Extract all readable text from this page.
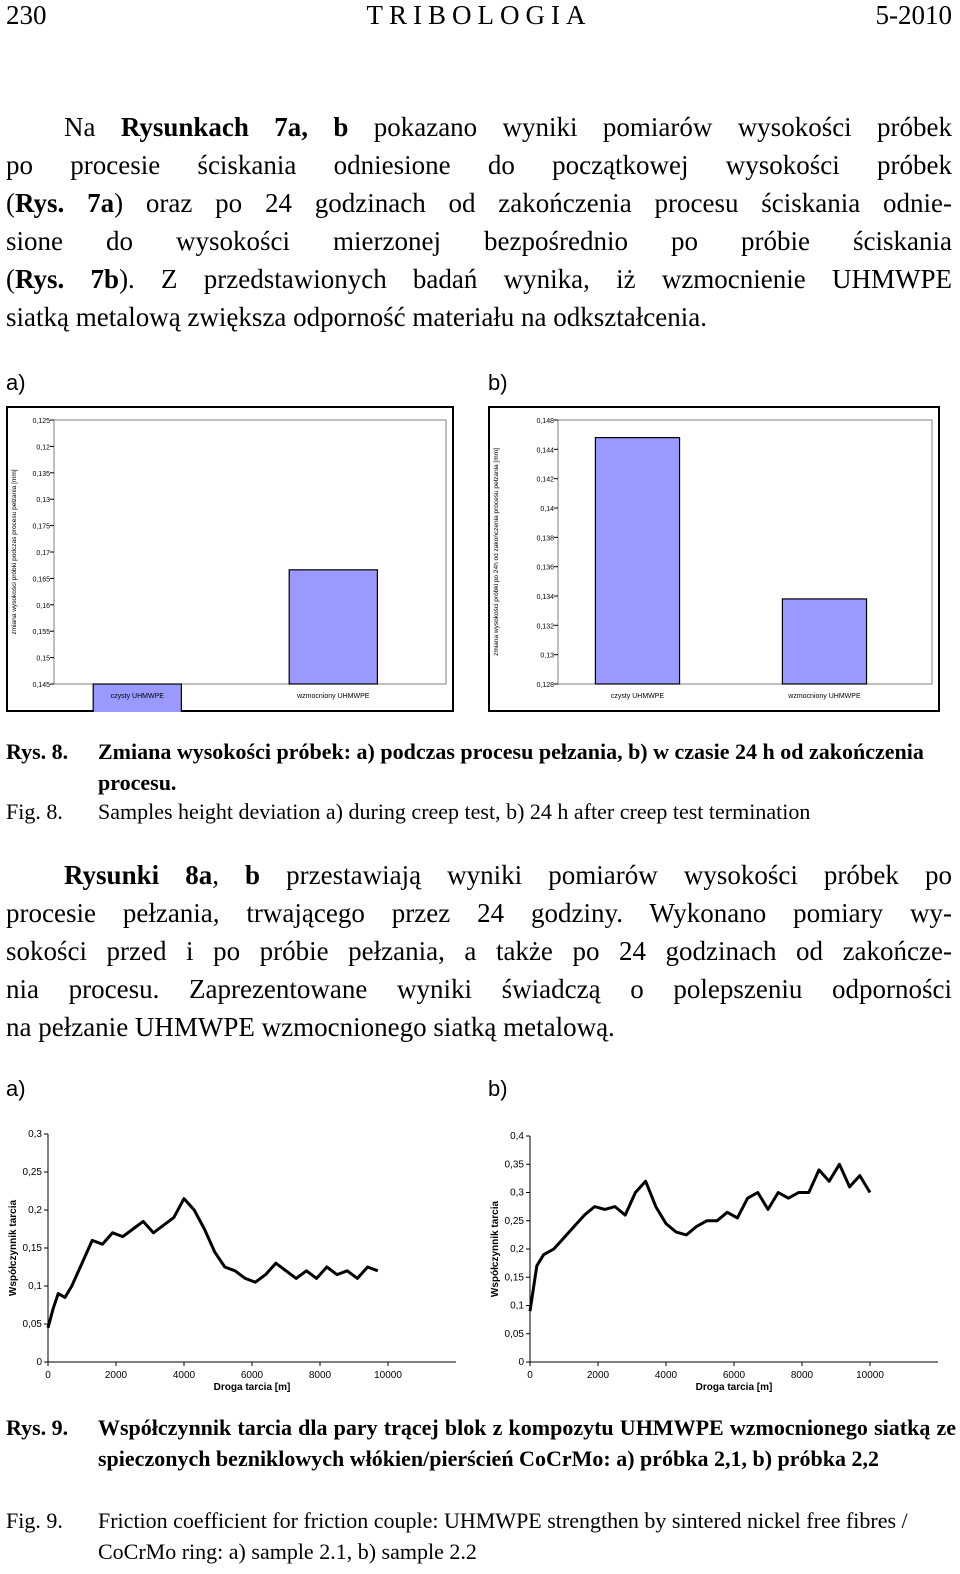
230	TRIBOLOGIA	5-2010
Na Rysunkach 7a, b pokazano wyniki pomiarów wysokości próbek
po procesie ściskania odniesione do początkowej wysokości próbek
(Rys. 7a) oraz po 24 godzinach od zakończenia procesu ściskania odnie-
sione do wysokości mierzonej bezpośrednio po próbie ściskania
(Rys. 7b). Z przedstawionych badań wynika, iż wzmocnienie UHMWPE
siatką metalową zwiększa odporność materiału na odkształcenia.
a)	b)
0,125
0,12
0,135
0,13
0,175
0,17
0,165
0,16
0,155
0,15
0,145
czysty UHMWPE	wzmocniony UHMWPE
zmiana wysokości próbki podczas procesu pełzania [mm]
0,148
0,144
0,142
0,14
0,138
0,136
0,134
0,132
0,13
0,128
czysty UHMWPE	wzmocniony UHMWPE
zmiana wysokości próbki po 24h od zakończenia procesu pełzania [mm]
Rys. 8. Zmiana wysokości próbek: a) podczas procesu pełzania, b) w czasie 24 h od zakończenia procesu.
Fig. 8. Samples height deviation a) during creep test, b) 24 h after creep test termination
Rysunki 8a, b przestawiają wyniki pomiarów wysokości próbek po
procesie pełzania, trwającego przez 24 godziny. Wykonano pomiary wy-
sokości przed i po próbie pełzania, a także po 24 godzinach od zakończe-
nia procesu. Zaprezentowane wyniki świadczą o polepszeniu odporności
na pełzanie UHMWPE wzmocnionego siatką metalową.
a)	b)
0
0,05
0,1
0,15
0,2
0,25
0,3
0	2000	4000	6000	8000	10000
Droga tarcia [m]
Współczynnik tarcia
0
0,05
0,1
0,15
0,2
0,25
0,3
0,35
0,4
0	2000	4000	6000	8000	10000
Droga tarcia [m]
Współczynnik tarcia
Rys. 9. Współczynnik tarcia dla pary trącej blok z kompozytu UHMWPE wzmocnionego siatką ze spieczonych bezniklowych włókien/pierścień CoCrMo: a) próbka 2,1, b) próbka 2,2
Fig. 9. Friction coefficient for friction couple: UHMWPE strengthen by sintered nickel free fibres / CoCrMo ring: a) sample 2.1, b) sample 2.2
